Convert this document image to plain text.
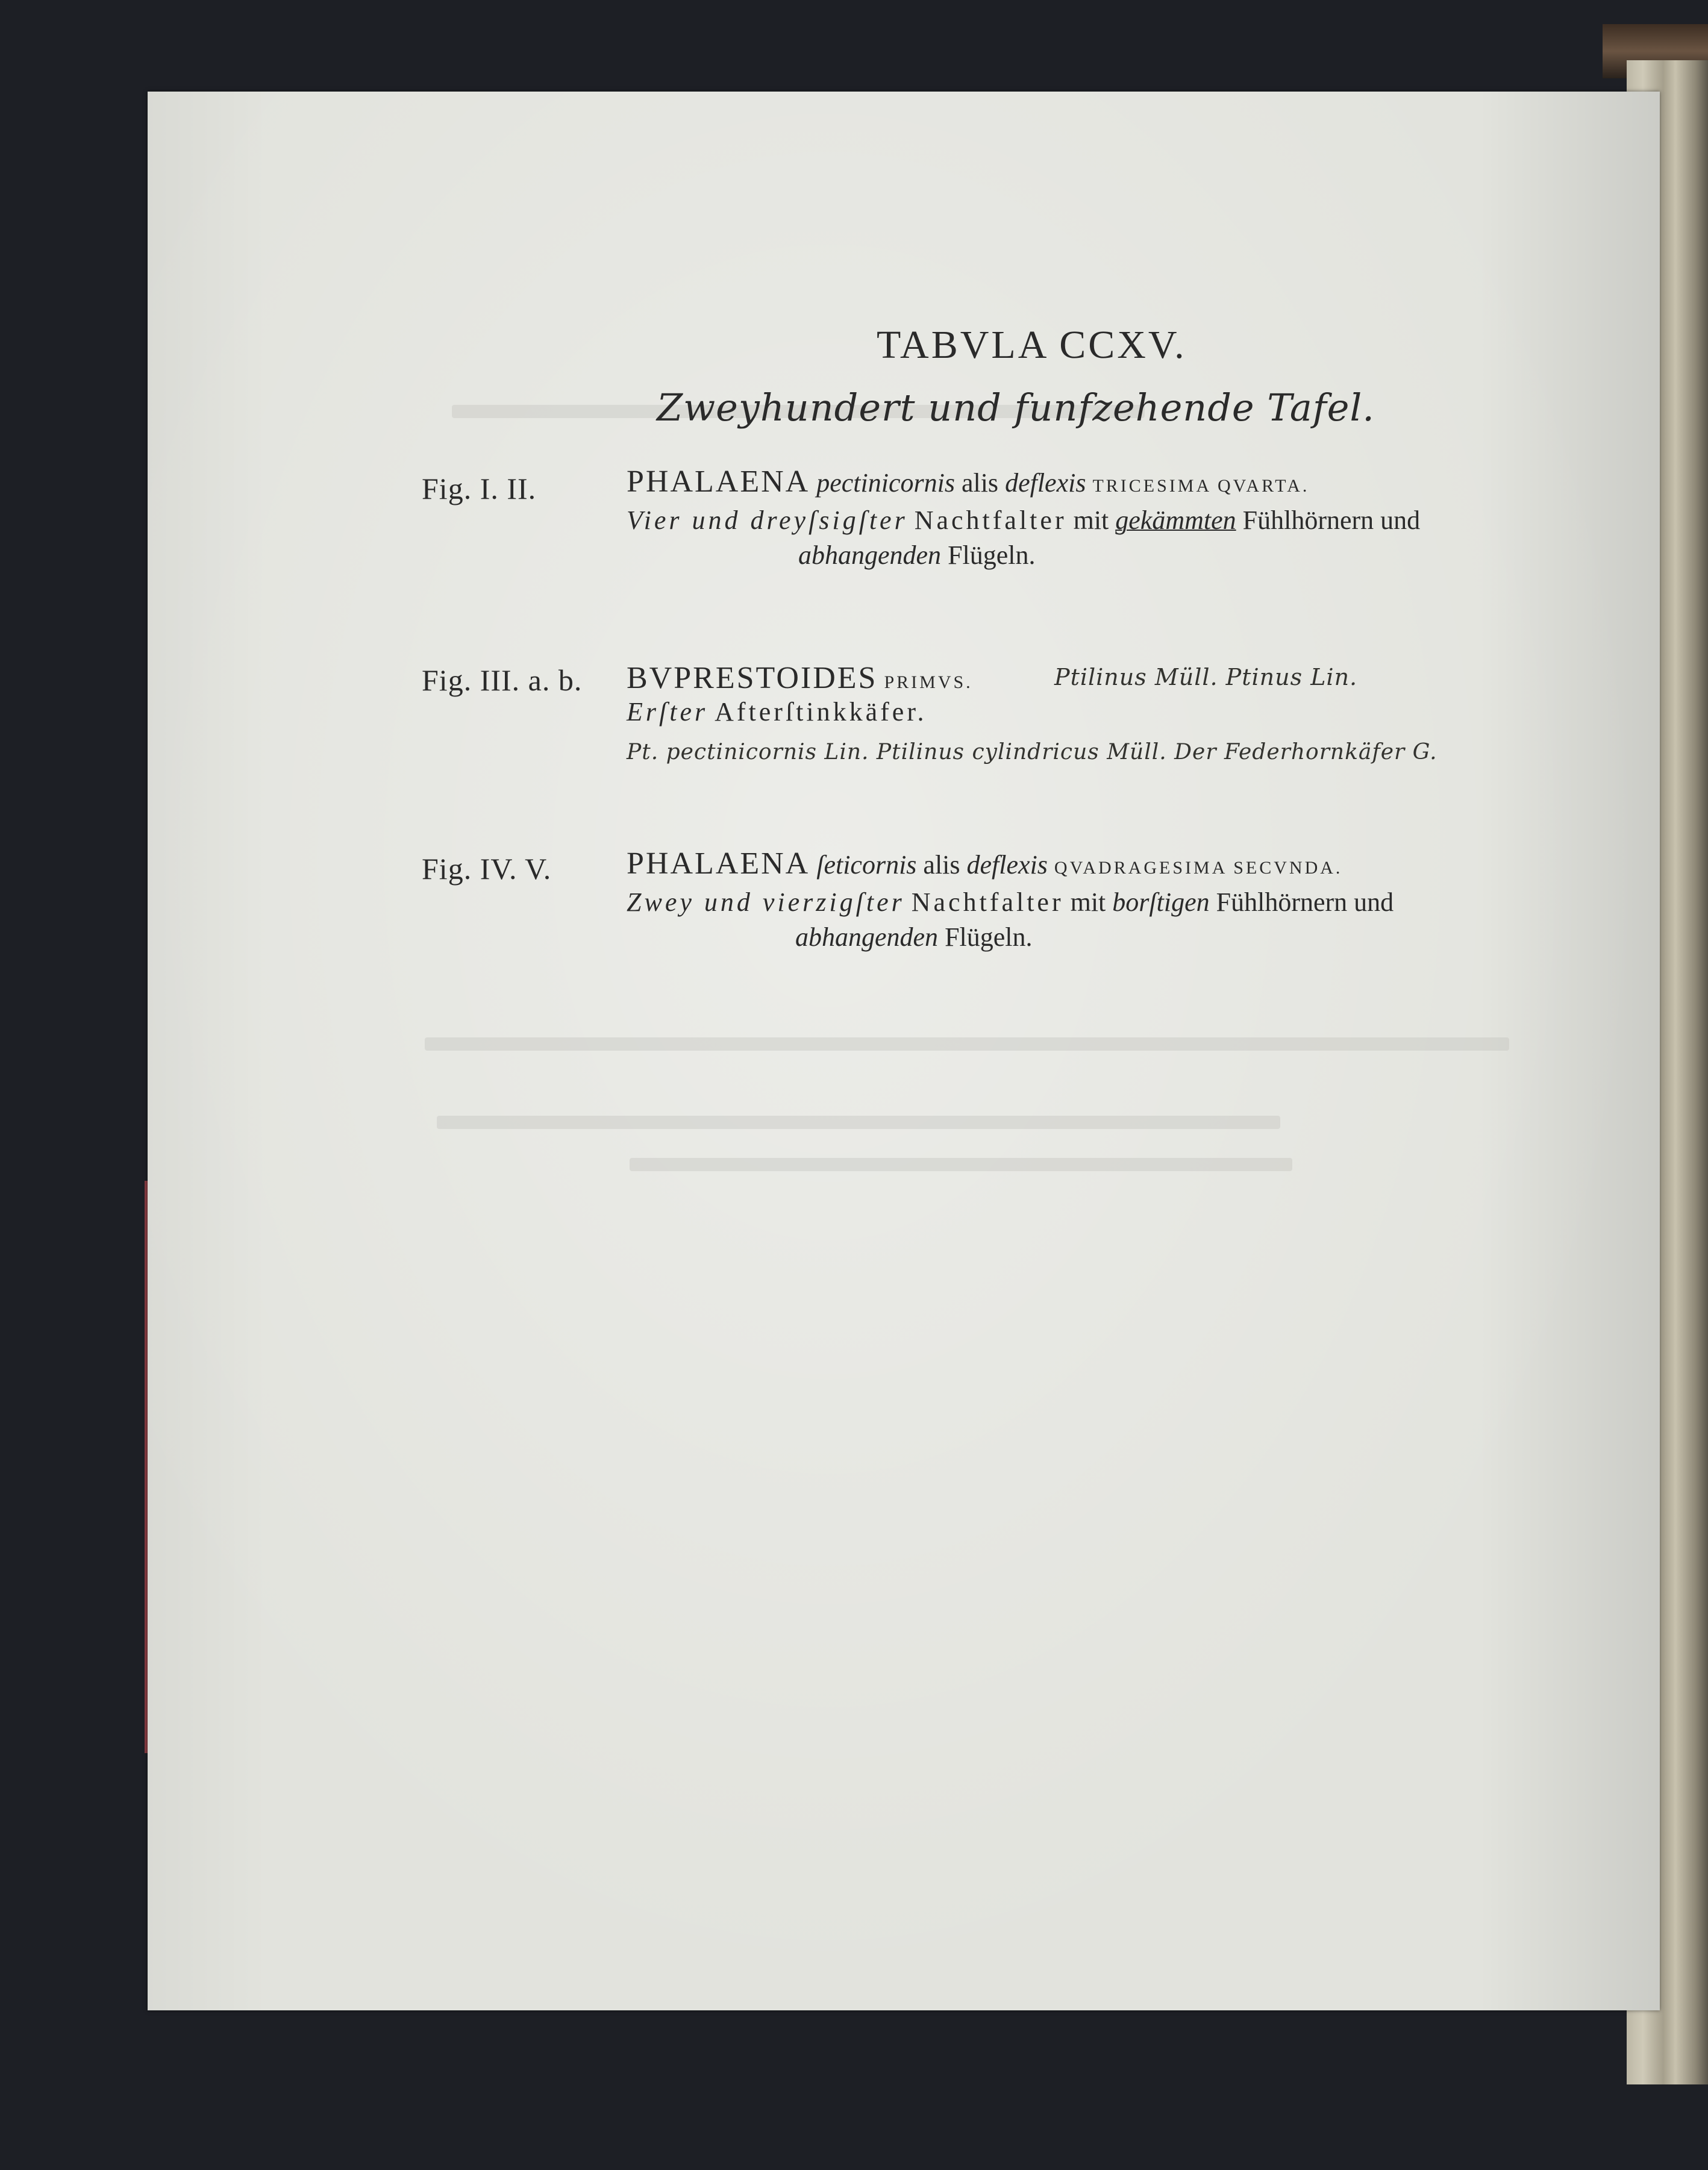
TABVLA CCXV.
Zweyhundert und funfzehende Tafel.
Fig. I. II.	PHALAENA pectinicornis alis deflexis TRICESIMA QVARTA.
Vier und dreyſsigſter Nachtfalter mit gekämmten Fühlhörnern und
abhangenden Flügeln.
Fig. III. a. b. BVPRESTOIDES PRIMVS.	Ptilinus Müll. Ptinus Lin.
Erſter Afterſtinkkäfer.
Pt. pectinicornis Lin. Ptilinus cylindricus Müll. Der Federhornkäfer G.
Fig. IV. V. PHALAENA ſeticornis alis deflexis QVADRAGESIMA SECVNDA.
Zwey und vierzigſter Nachtfalter mit borſtigen Fühlhörnern und
abhangenden Flügeln.
